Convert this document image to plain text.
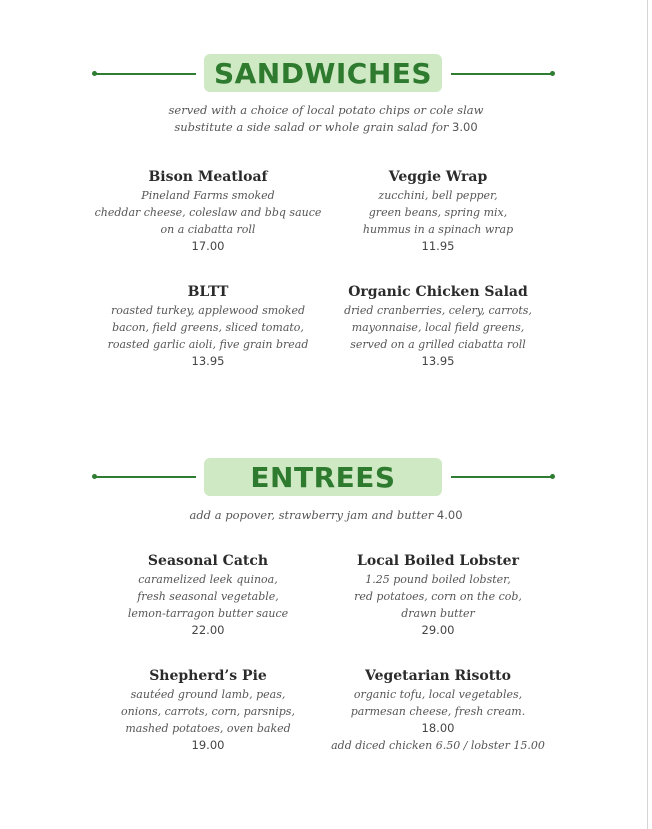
SANDWICHES
served with a choice of local potato chips or cole slaw
substitute a side salad or whole grain salad for 3.00
Bison Meatloaf
Pineland Farms smoked
cheddar cheese, coleslaw and bbq sauce
on a ciabatta roll
17.00
Veggie Wrap
zucchini, bell pepper,
green beans, spring mix,
hummus in a spinach wrap
11.95
BLTT
roasted turkey, applewood smoked
bacon, field greens, sliced tomato,
roasted garlic aioli, five grain bread
13.95
Organic Chicken Salad
dried cranberries, celery, carrots,
mayonnaise, local field greens,
served on a grilled ciabatta roll
13.95
ENTREES
add a popover, strawberry jam and butter 4.00
Seasonal Catch
caramelized leek quinoa,
fresh seasonal vegetable,
lemon-tarragon butter sauce
22.00
Local Boiled Lobster
1.25 pound boiled lobster,
red potatoes, corn on the cob,
drawn butter
29.00
Shepherd’s Pie
sautéed ground lamb, peas,
onions, carrots, corn, parsnips,
mashed potatoes, oven baked
19.00
Vegetarian Risotto
organic tofu, local vegetables,
parmesan cheese, fresh cream.
18.00
add diced chicken 6.50 / lobster 15.00
